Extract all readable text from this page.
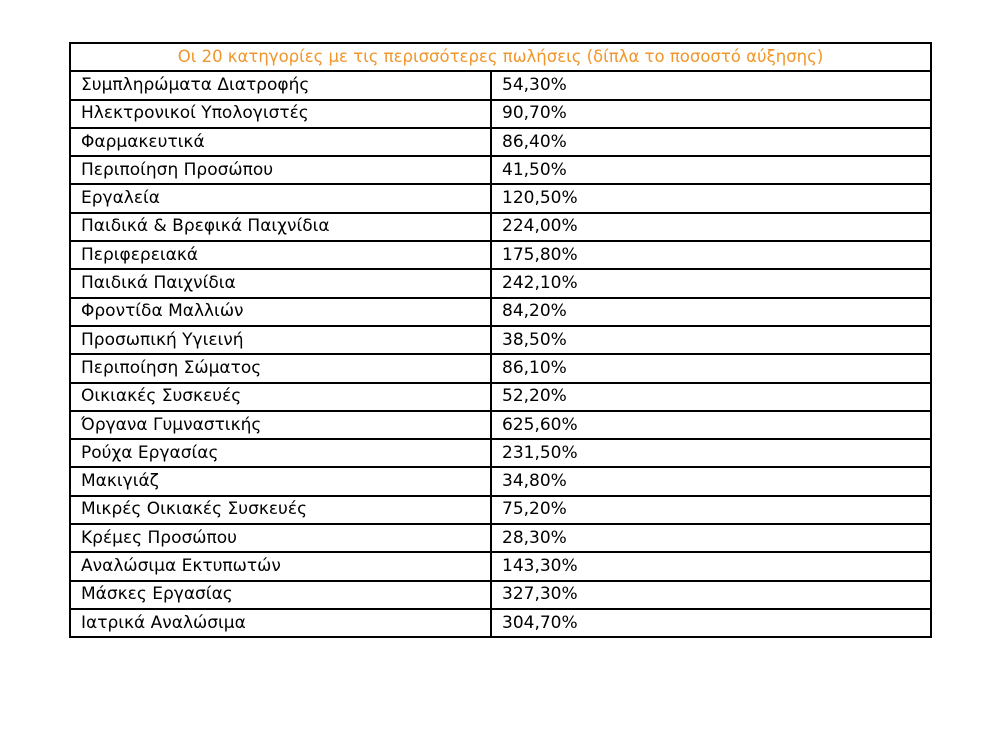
Οι 20 κατηγορίες με τις περισσότερες πωλήσεις (δίπλα το ποσοστό αύξησης)	
Συμπληρώματα Διατροφής	54,30%
Ηλεκτρονικοί Υπολογιστές	90,70%
Φαρμακευτικά	86,40%
Περιποίηση Προσώπου	41,50%
Εργαλεία	120,50%
Παιδικά & Βρεφικά Παιχνίδια	224,00%
Περιφερειακά	175,80%
Παιδικά Παιχνίδια	242,10%
Φροντίδα Μαλλιών	84,20%
Προσωπική Υγιεινή	38,50%
Περιποίηση Σώματος	86,10%
Οικιακές Συσκευές	52,20%
Όργανα Γυμναστικής	625,60%
Ρούχα Εργασίας	231,50%
Μακιγιάζ	34,80%
Μικρές Οικιακές Συσκευές	75,20%
Κρέμες Προσώπου	28,30%
Αναλώσιμα Εκτυπωτών	143,30%
Μάσκες Εργασίας	327,30%
Ιατρικά Αναλώσιμα	304,70%
